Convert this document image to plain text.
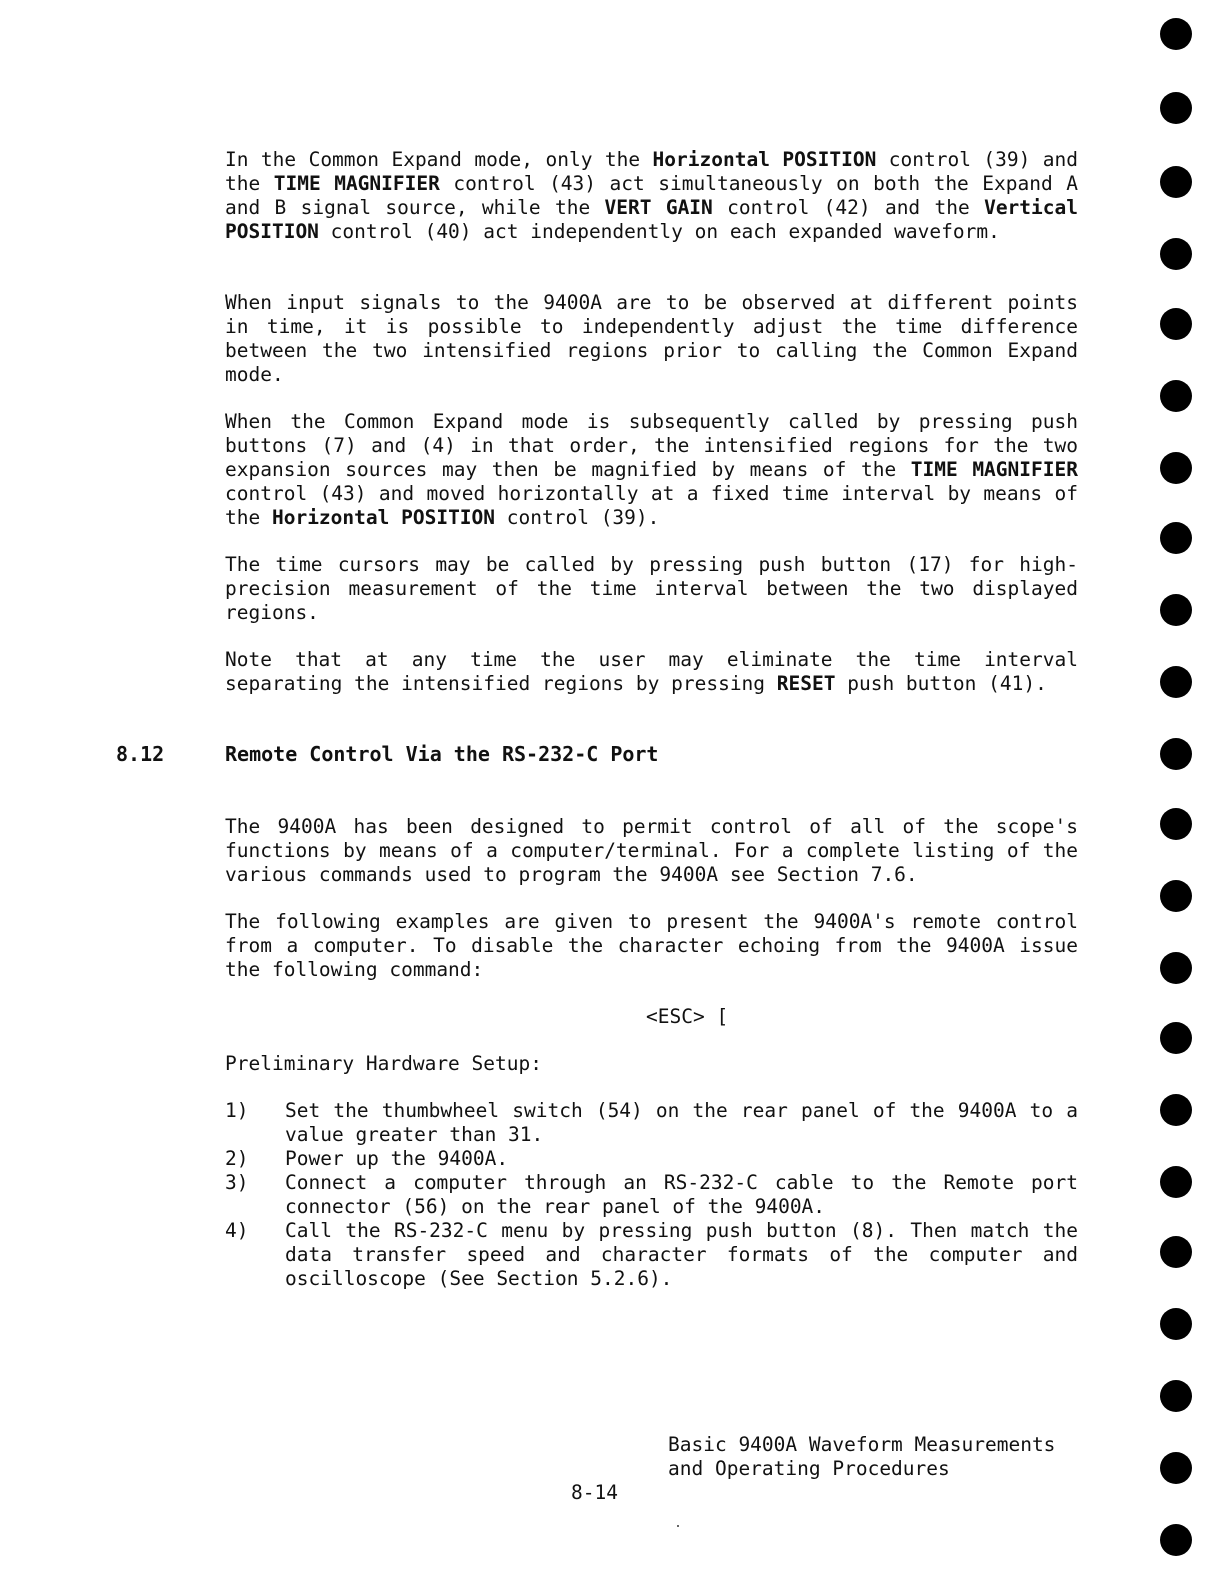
In the Common Expand mode, only the Horizontal POSITION control (39) and the TIME MAGNIFIER control (43) act simultaneously on both the Expand A and B signal source, while the VERT GAIN control (42) and the Vertical POSITION control (40) act independently on each expanded waveform.

When input signals to the 9400A are to be observed at different points in time, it is possible to independently adjust the time difference between the two intensified regions prior to calling the Common Expand mode.

When the Common Expand mode is subsequently called by pressing push buttons (7) and (4) in that order, the intensified regions for the two expansion sources may then be magnified by means of the TIME MAGNIFIER control (43) and moved horizontally at a fixed time interval by means of the Horizontal POSITION control (39).

The time cursors may be called by pressing push button (17) for high-precision measurement of the time interval between the two displayed regions.

Note that at any time the user may eliminate the time interval separating the intensified regions by pressing RESET push button (41).

8.12	Remote Control Via the RS-232-C Port

The 9400A has been designed to permit control of all of the scope's functions by means of a computer/terminal. For a complete listing of the various commands used to program the 9400A see Section 7.6.

The following examples are given to present the 9400A's remote control from a computer. To disable the character echoing from the 9400A issue the following command:

<ESC> [

Preliminary Hardware Setup:

1) Set the thumbwheel switch (54) on the rear panel of the 9400A to a value greater than 31.
2) Power up the 9400A.
3) Connect a computer through an RS-232-C cable to the Remote port connector (56) on the rear panel of the 9400A.
4) Call the RS-232-C menu by pressing push button (8). Then match the data transfer speed and character formats of the computer and oscilloscope (See Section 5.2.6).
Basic 9400A Waveform Measurements
and Operating Procedures
8-14
